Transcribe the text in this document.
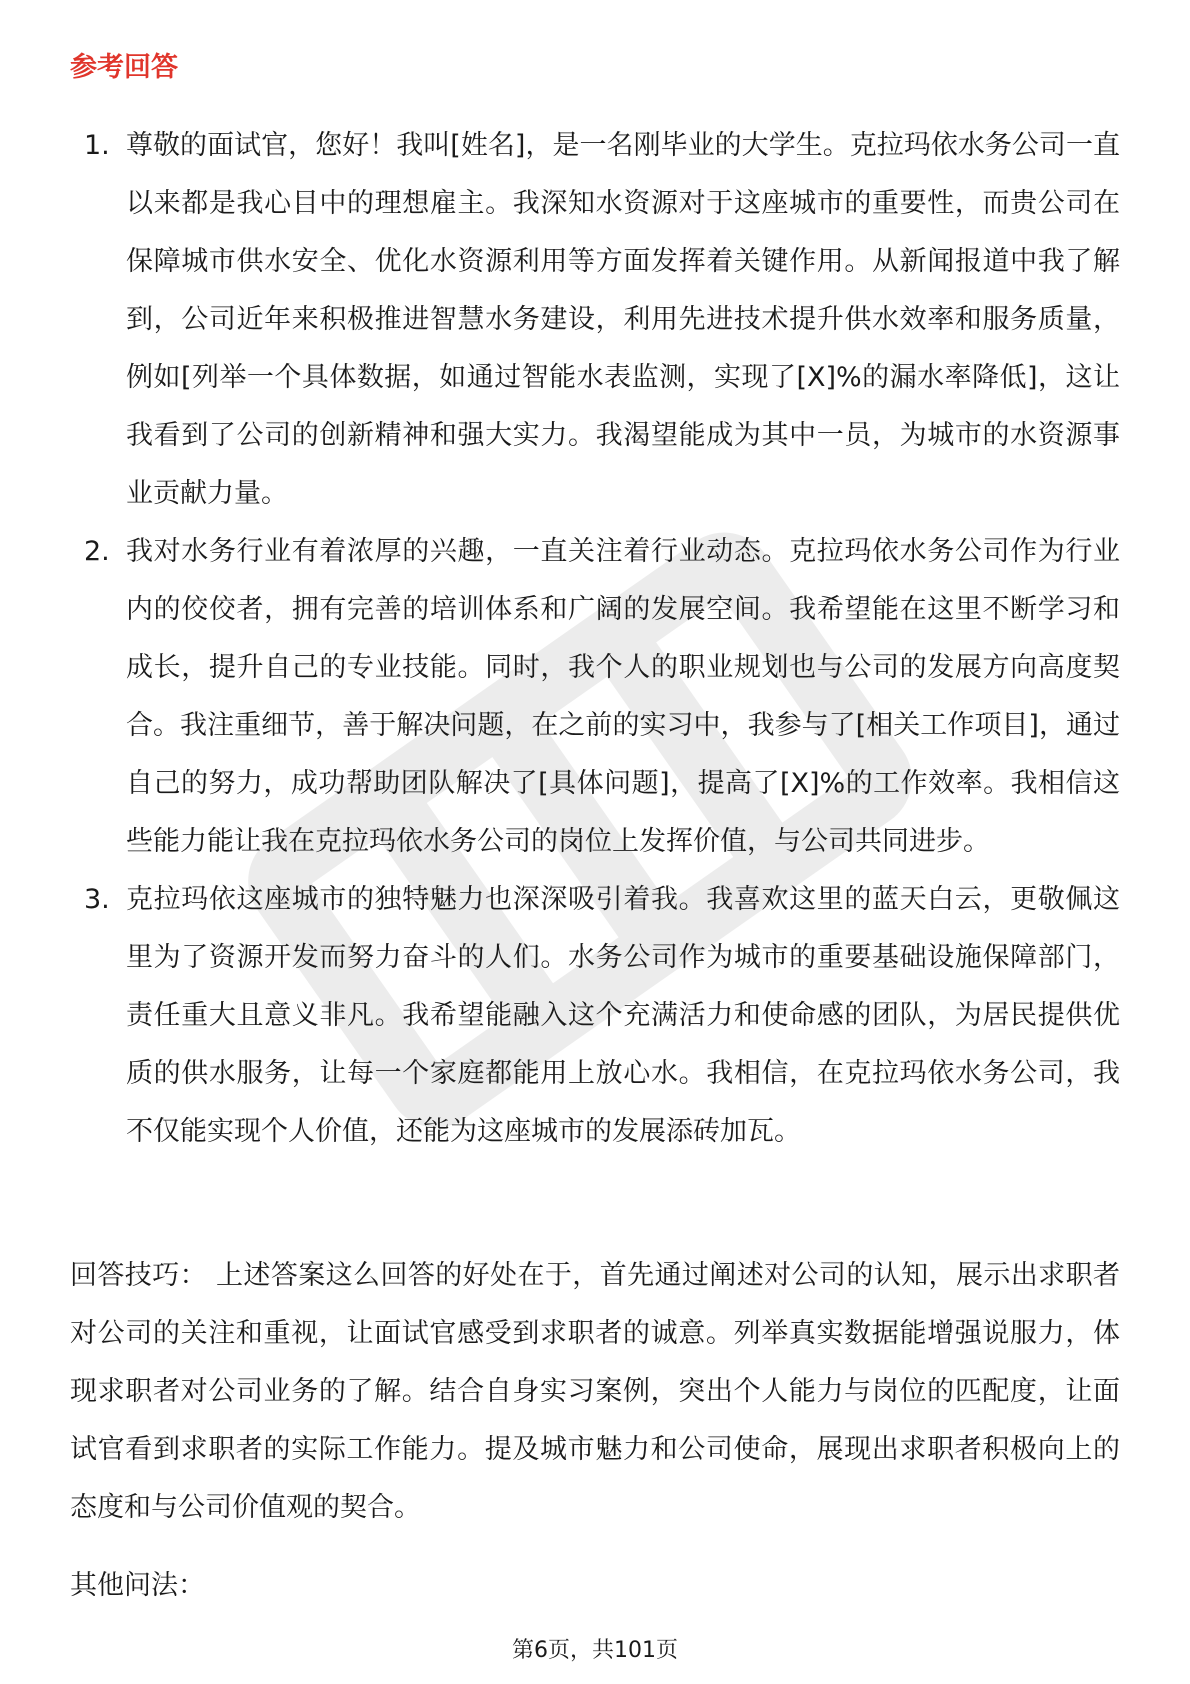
参考回答
1. 尊敬的面试官，您好！我叫[姓名]，是一名刚毕业的大学生。克拉玛依水务公司一直以来都是我心目中的理想雇主。我深知水资源对于这座城市的重要性，而贵公司在保障城市供水安全、优化水资源利用等方面发挥着关键作用。从新闻报道中我了解到，公司近年来积极推进智慧水务建设，利用先进技术提升供水效率和服务质量，例如[列举一个具体数据，如通过智能水表监测，实现了[X]%的漏水率降低]，这让我看到了公司的创新精神和强大实力。我渴望能成为其中一员，为城市的水资源事业贡献力量。
2. 我对水务行业有着浓厚的兴趣，一直关注着行业动态。克拉玛依水务公司作为行业内的佼佼者，拥有完善的培训体系和广阔的发展空间。我希望能在这里不断学习和成长，提升自己的专业技能。同时，我个人的职业规划也与公司的发展方向高度契合。我注重细节，善于解决问题，在之前的实习中，我参与了[相关工作项目]，通过自己的努力，成功帮助团队解决了[具体问题]，提高了[X]%的工作效率。我相信这些能力能让我在克拉玛依水务公司的岗位上发挥价值，与公司共同进步。
3. 克拉玛依这座城市的独特魅力也深深吸引着我。我喜欢这里的蓝天白云，更敬佩这里为了资源开发而努力奋斗的人们。水务公司作为城市的重要基础设施保障部门，责任重大且意义非凡。我希望能融入这个充满活力和使命感的团队，为居民提供优质的供水服务，让每一个家庭都能用上放心水。我相信，在克拉玛依水务公司，我不仅能实现个人价值，还能为这座城市的发展添砖加瓦。

回答技巧： 上述答案这么回答的好处在于，首先通过阐述对公司的认知，展示出求职者对公司的关注和重视，让面试官感受到求职者的诚意。列举真实数据能增强说服力，体现求职者对公司业务的了解。结合自身实习案例，突出个人能力与岗位的匹配度，让面试官看到求职者的实际工作能力。提及城市魅力和公司使命，展现出求职者积极向上的态度和与公司价值观的契合。

其他问法：

第6页，共101页
